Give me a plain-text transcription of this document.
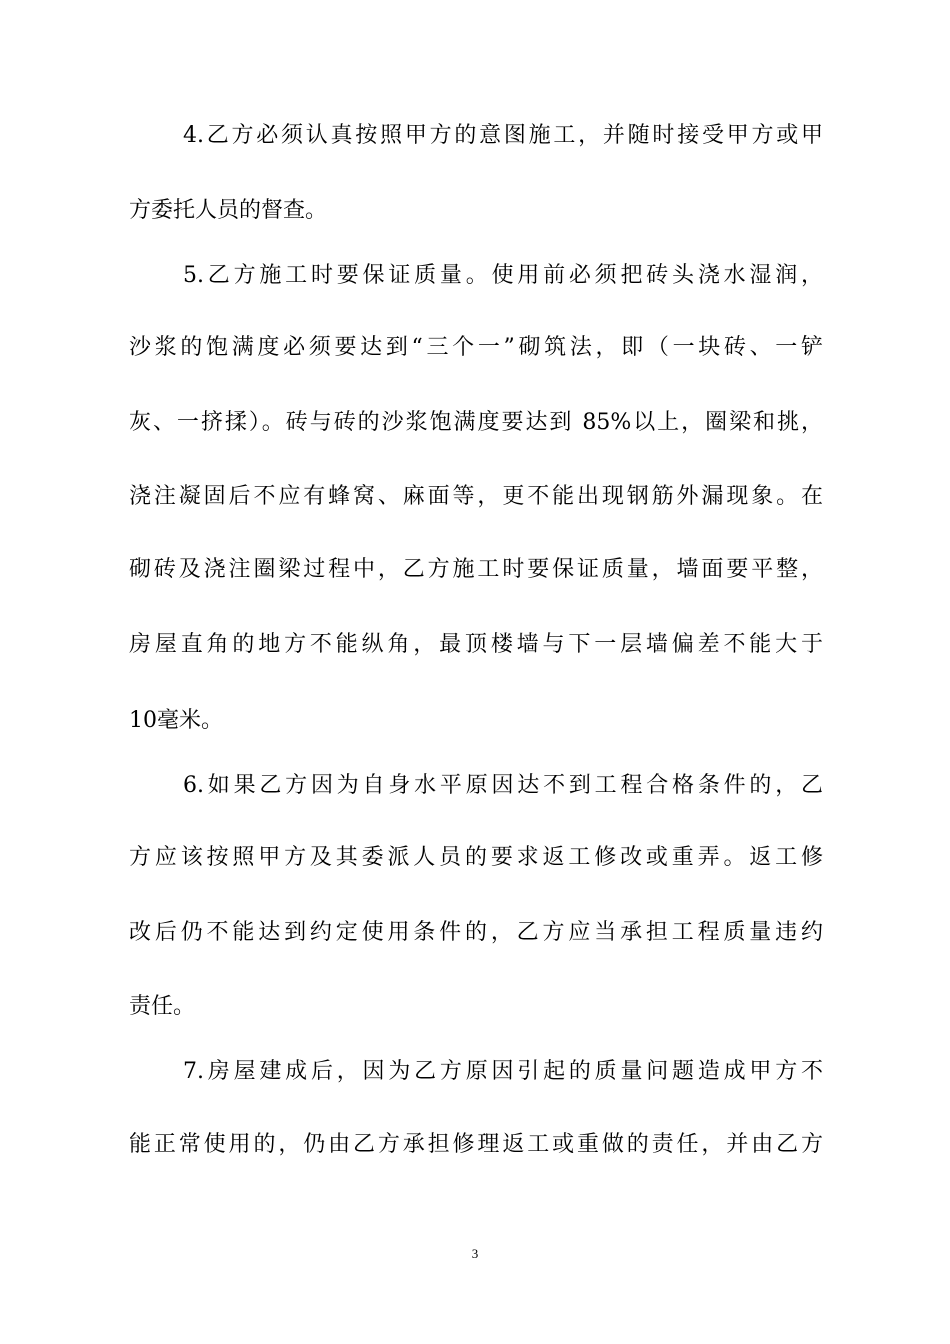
4.乙方必须认真按照甲方的意图施工，并随时接受甲方或甲
方委托人员的督查。
5.乙方施工时要保证质量。使用前必须把砖头浇水湿润，
沙浆的饱满度必须要达到“三个一”砌筑法，即（一块砖、一铲
灰、一挤揉）。砖与砖的沙浆饱满度要达到 85%以上，圈梁和挑，
浇注凝固后不应有蜂窝、麻面等，更不能出现钢筋外漏现象。在
砌砖及浇注圈梁过程中，乙方施工时要保证质量，墙面要平整，
房屋直角的地方不能纵角，最顶楼墙与下一层墙偏差不能大于
10毫米。
6.如果乙方因为自身水平原因达不到工程合格条件的，乙
方应该按照甲方及其委派人员的要求返工修改或重弄。返工修
改后仍不能达到约定使用条件的，乙方应当承担工程质量违约
责任。
7.房屋建成后，因为乙方原因引起的质量问题造成甲方不
能正常使用的，仍由乙方承担修理返工或重做的责任，并由乙方
3
